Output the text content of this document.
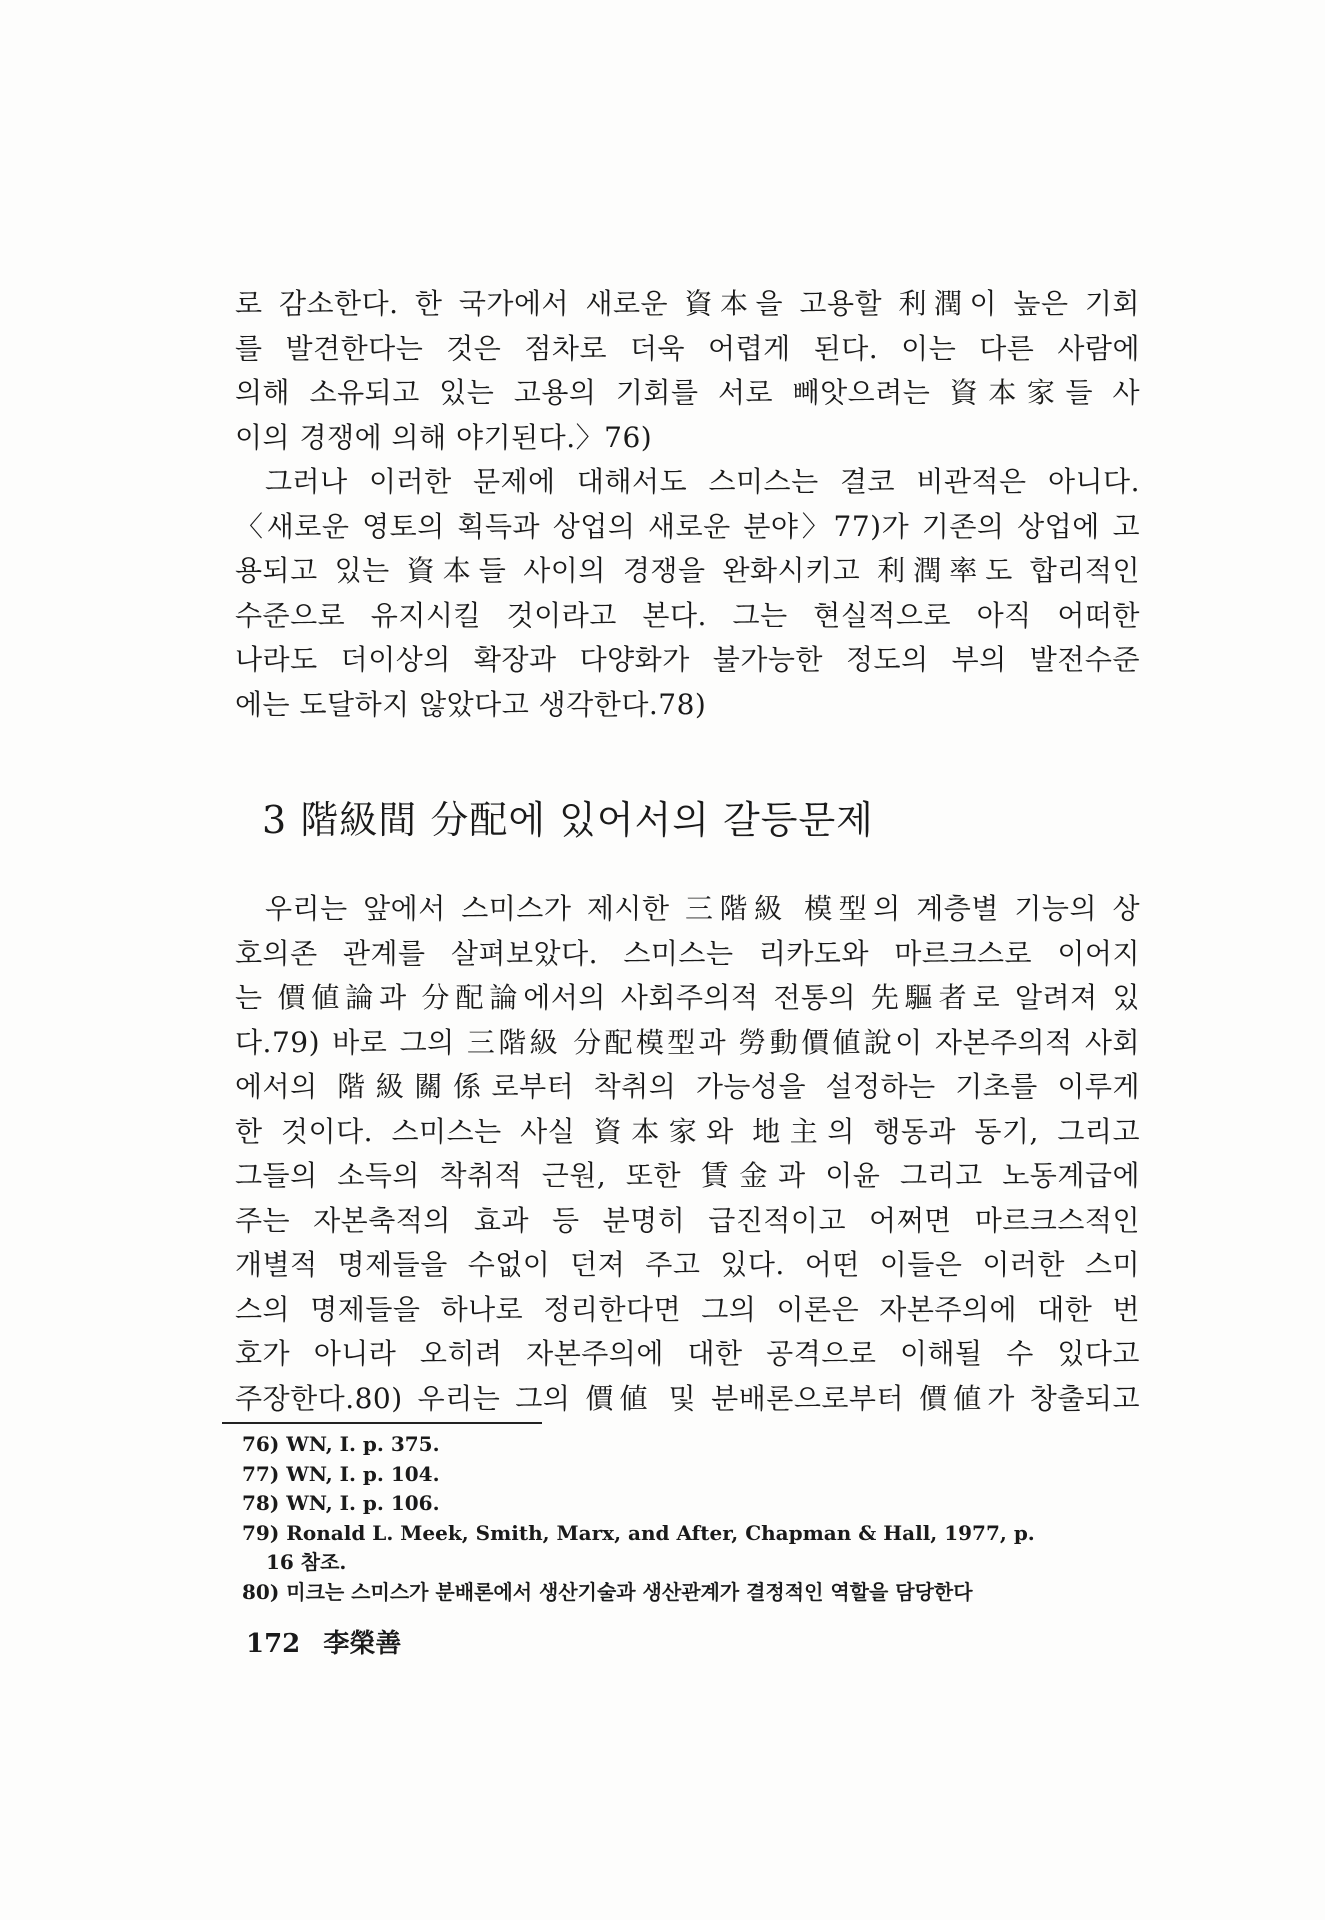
로 감소한다. 한 국가에서 새로운 資本을 고용할 利潤이 높은 기회
를 발견한다는 것은 점차로 더욱 어렵게 된다. 이는 다른 사람에
의해 소유되고 있는 고용의 기회를 서로 빼앗으려는 資本家들 사
이의 경쟁에 의해 야기된다.〉76)
그러나 이러한 문제에 대해서도 스미스는 결코 비관적은 아니다.
〈새로운 영토의 획득과 상업의 새로운 분야〉77)가 기존의 상업에 고
용되고 있는 資本들 사이의 경쟁을 완화시키고 利潤率도 합리적인
수준으로 유지시킬 것이라고 본다. 그는 현실적으로 아직 어떠한
나라도 더이상의 확장과 다양화가 불가능한 정도의 부의 발전수준
에는 도달하지 않았다고 생각한다.78)
3 階級間 分配에 있어서의 갈등문제
우리는 앞에서 스미스가 제시한 三階級 模型의 계층별 기능의 상
호의존 관계를 살펴보았다. 스미스는 리카도와 마르크스로 이어지
는 價値論과 分配論에서의 사회주의적 전통의 先驅者로 알려져 있
다.79) 바로 그의 三階級 分配模型과 勞動價値說이 자본주의적 사회
에서의 階級關係로부터 착취의 가능성을 설정하는 기초를 이루게
한 것이다. 스미스는 사실 資本家와 地主의 행동과 동기, 그리고
그들의 소득의 착취적 근원, 또한 賃金과 이윤 그리고 노동계급에
주는 자본축적의 효과 등 분명히 급진적이고 어쩌면 마르크스적인
개별적 명제들을 수없이 던져 주고 있다. 어떤 이들은 이러한 스미
스의 명제들을 하나로 정리한다면 그의 이론은 자본주의에 대한 번
호가 아니라 오히려 자본주의에 대한 공격으로 이해될 수 있다고
주장한다.80) 우리는 그의 價値 및 분배론으로부터 價値가 창출되고
76) WN, I. p. 375.
77) WN, I. p. 104.
78) WN, I. p. 106.
79) Ronald L. Meek, Smith, Marx, and After, Chapman & Hall, 1977, p.
16 참조.
80) 미크는 스미스가 분배론에서 생산기술과 생산관계가 결정적인 역할을 담당한다
172 李榮善
